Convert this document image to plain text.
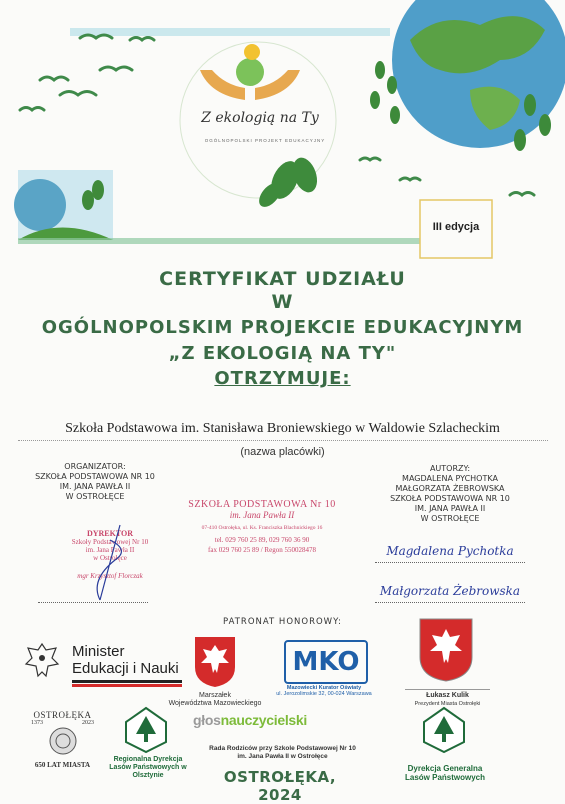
Z ekologią na Ty
OGÓLNOPOLSKI PROJEKT EDUKACYJNY
III edycja
CERTYFIKAT UDZIAŁU
W
OGÓLNOPOLSKIM PROJEKCIE EDUKACYJNYM
„Z EKOLOGIĄ NA TY"
OTRZYMUJE:
Szkoła Podstawowa im. Stanisława Broniewskiego w Waldowie Szlacheckim
(nazwa placówki)
ORGANIZATOR:
SZKOŁA PODSTAWOWA NR 10
IM. JANA PAWŁA II
W OSTROŁĘCE
DYREKTOR
Szkoły Podstawowej Nr 10
im. Jana Pawła II
w Ostrołęce
mgr Krzysztof Florczak
SZKOŁA PODSTAWOWA Nr 10
im. Jana Pawła II
07-410 Ostrołęka, ul. Ks. Franciszka Blachnickiego 16
tel. 029 760 25 89, 029 760 36 90
fax 029 760 25 89 / Regon 550028478
AUTORZY:
MAGDALENA PYCHOTKA
MAŁGORZATA ŻEBROWSKA
SZKOŁA PODSTAWOWA NR 10
IM. JANA PAWŁA II
W OSTROŁĘCE
Magdalena Pychotka
Małgorzata Żebrowska
PATRONAT HONOROWY:
Minister
Edukacji i Nauki
Marszałek
Województwa Mazowieckiego
MKO
Mazowiecki Kurator Oświaty
ul. Jerozolimskie 32, 00-024 Warszawa	Łukasz Kulik
Prezydent Miasta Ostrołęki
OSTROŁĘKA
1373	2023
650 LAT MIASTA
Regionalna Dyrekcja
Lasów Państwowych w Olsztynie
głosnauczycielski
Rada Rodziców przy Szkole Podstawowej Nr 10
im. Jana Pawła II w Ostrołęce
OSTROŁĘKA, 2024
Dyrekcja Generalna
Lasów Państwowych
